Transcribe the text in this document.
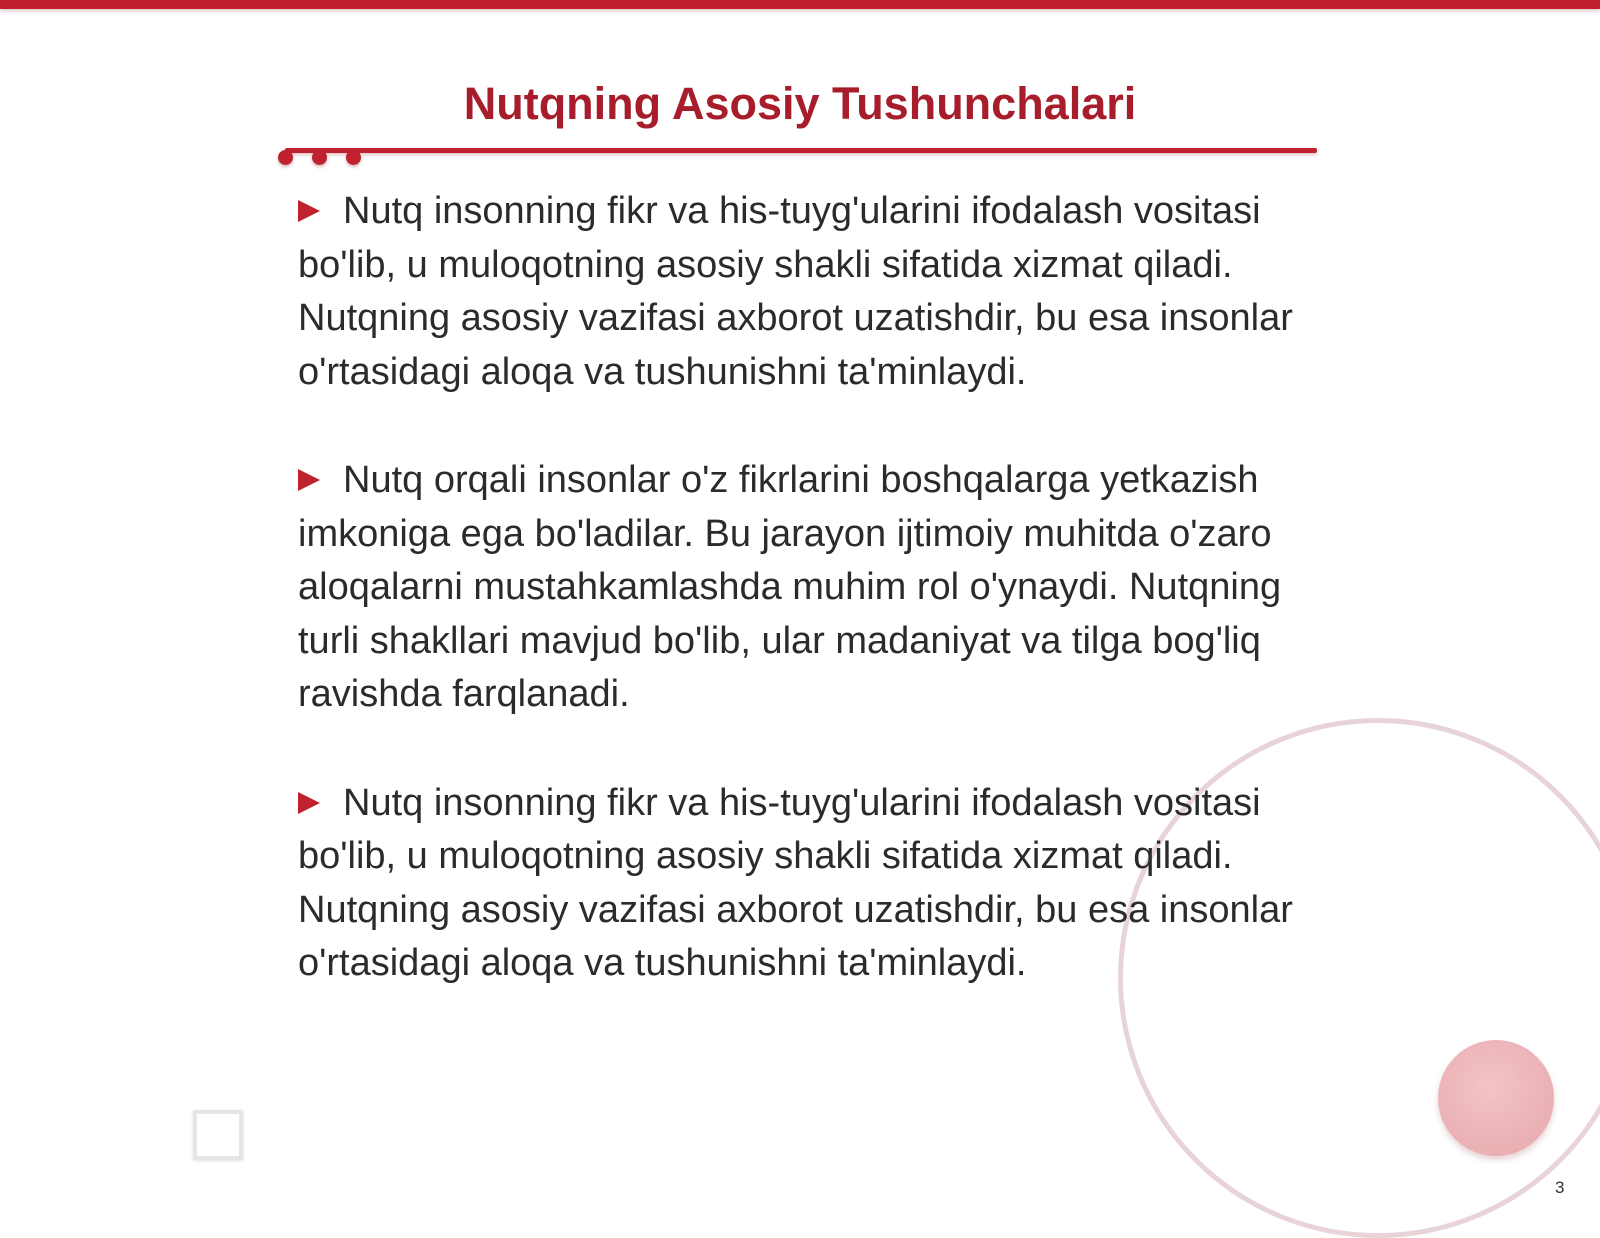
Nutqning Asosiy Tushunchalari
Nutq insonning fikr va his-tuyg'ularini ifodalash vositasi bo'lib, u muloqotning asosiy shakli sifatida xizmat qiladi. Nutqning asosiy vazifasi axborot uzatishdir, bu esa insonlar o'rtasidagi aloqa va tushunishni ta'minlaydi.
Nutq orqali insonlar o'z fikrlarini boshqalarga yetkazish imkoniga ega bo'ladilar. Bu jarayon ijtimoiy muhitda o'zaro aloqalarni mustahkamlashda muhim rol o'ynaydi. Nutqning turli shakllari mavjud bo'lib, ular madaniyat va tilga bog'liq ravishda farqlanadi.
Nutq insonning fikr va his-tuyg'ularini ifodalash vositasi bo'lib, u muloqotning asosiy shakli sifatida xizmat qiladi. Nutqning asosiy vazifasi axborot uzatishdir, bu esa insonlar o'rtasidagi aloqa va tushunishni ta'minlaydi.
3
